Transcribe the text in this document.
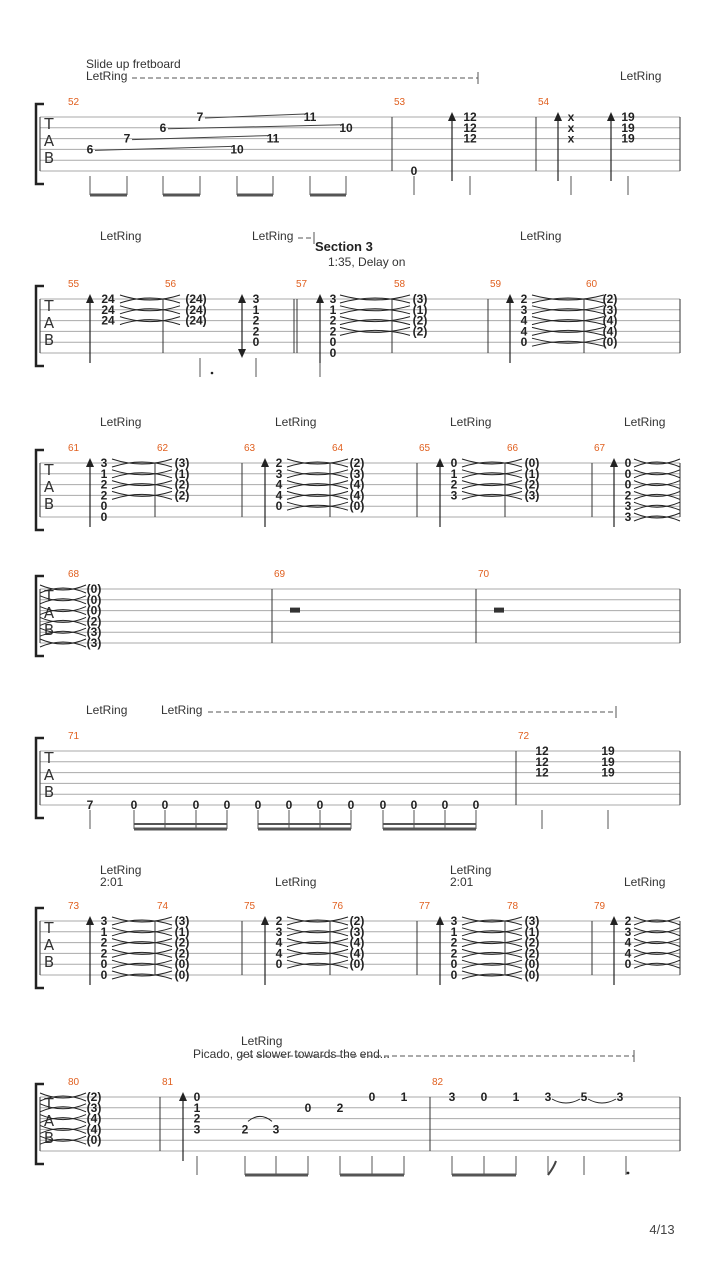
Slide up fretboard
LetRing	LetRing
LetRing	LetRing
Section 3
1:35, Delay on
LetRing
LetRing	LetRing	LetRing	LetRing
LetRing	LetRing
LetRing
2:01	LetRing
LetRing
2:01	LetRing
LetRing
Picado, get slower towards the end...
T
A
B
52
6
7
6
7
10
11
11
10
53
0
12
12
12
54
x
x
x
19
19
19
T
A
B
55
24
24
24
56
(24)
(24)
(24)
3
1
2
2
0
57
3
1
2
2
0
0
58
(3)
(1)
(2)
(2)
59
2
3
4
4
0
60
(2)
(3)
(4)
(4)
(0)
T
A
B
61
3
1
2
2
0
0
62
(3)
(1)
(2)
(2)
63
2
3
4
4
0
64
(2)
(3)
(4)
(4)
(0)
65
0
1
2
3
66
(0)
(1)
(2)
(3)
67
0
0
0
2
3
3
T
A
B
68
(0)
(0)
(0)
(2)
(3)
(3)
69	70
T
A
B
71
7	0 0 0 0 0 0 0 0 0 0 0 0
72
12
12
12
19
19
19
T
A
B
73
3
1
2
2
0
0
74
(3)
(1)
(2)
(2)
(0)
(0)
75
2
3
4
4
0
76
(2)
(3)
(4)
(4)
(0)
77
3
1
2
2
0
0
78
(3)
(1)
(2)
(2)
(0)
(0)
79
2
3
4
4
0
T
A
B
80
(2)
(3)
(4)
(4)
(0)
81
0
1
2
3	2 3
0 2
0 1
82
3 0 1 3 5 3
4/13
